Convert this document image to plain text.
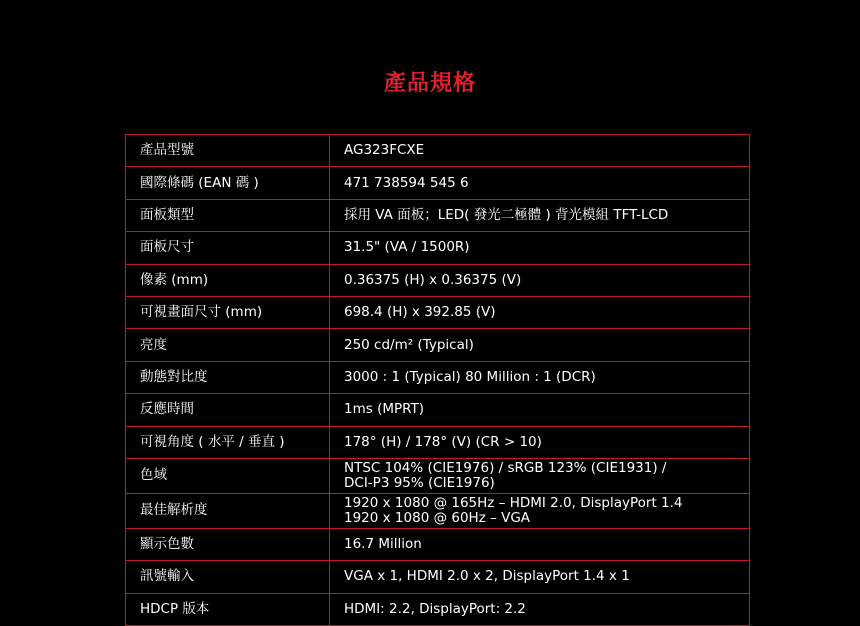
產品規格
產品型號	AG323FCXE
國際條碼 (EAN 碼 )	471 738594 545 6
面板類型	採用 VA 面板；LED( 發光二極體 ) 背光模組 TFT-LCD
面板尺寸	31.5" (VA / 1500R)
像素 (mm)	0.36375 (H) x 0.36375 (V)
可視畫面尺寸 (mm)	698.4 (H) x 392.85 (V)
亮度	250 cd/m² (Typical)
動態對比度	3000 : 1 (Typical) 80 Million : 1 (DCR)
反應時間	1ms (MPRT)
可視角度 ( 水平 / 垂直 )	178° (H) / 178° (V) (CR > 10)
色域	NTSC 104% (CIE1976) / sRGB 123% (CIE1931) /
DCI-P3 95% (CIE1976)
最佳解析度	1920 x 1080 @ 165Hz – HDMI 2.0, DisplayPort 1.4
1920 x 1080 @ 60Hz – VGA
顯示色數	16.7 Million
訊號輸入	VGA x 1, HDMI 2.0 x 2, DisplayPort 1.4 x 1
HDCP 版本	HDMI: 2.2, DisplayPort: 2.2
